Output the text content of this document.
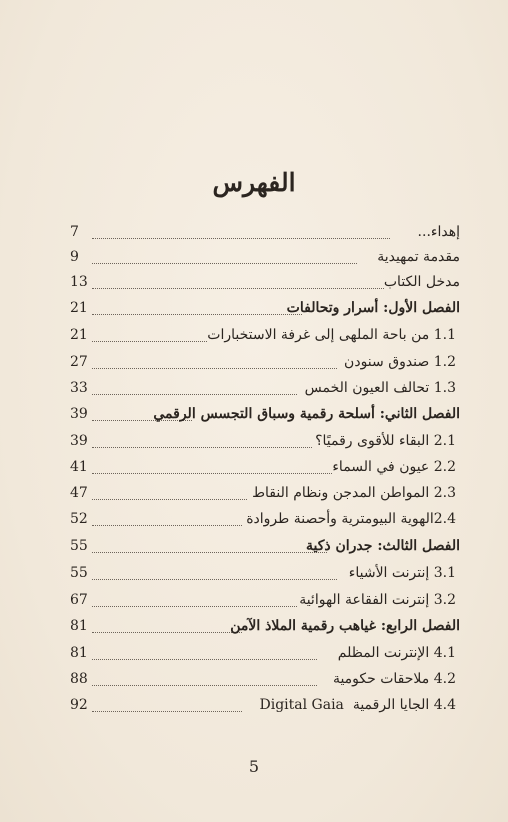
الفهرس
7	إهداء...
9	مقدمة تمهيدية
13	مدخل الكتاب
21	الفصل الأول: أسرار وتحالفات
21	1.1 من باحة الملهى إلى غرفة الاستخبارات
27	1.2 صندوق سنودن
33	1.3 تحالف العيون الخمس
39	الفصل الثاني: أسلحة رقمية وسباق التجسس الرقمي
39	2.1 البقاء للأقوى رقميًا؟
41	2.2 عيون في السماء
47	2.3 المواطن المدجن ونظام النقاط
52	2.4الهوية البيومترية وأحصنة طروادة
55	الفصل الثالث: جدران ذكية
55	3.1 إنترنت الأشياء
67	3.2 إنترنت الفقاعة الهوائية
81	الفصل الرابع: غياهب رقمية الملاذ الآمن
81	4.1 الإنترنت المظلم
88	4.2 ملاحقات حكومية
92	4.4 الجايا الرقمية  Digital Gaia
5
